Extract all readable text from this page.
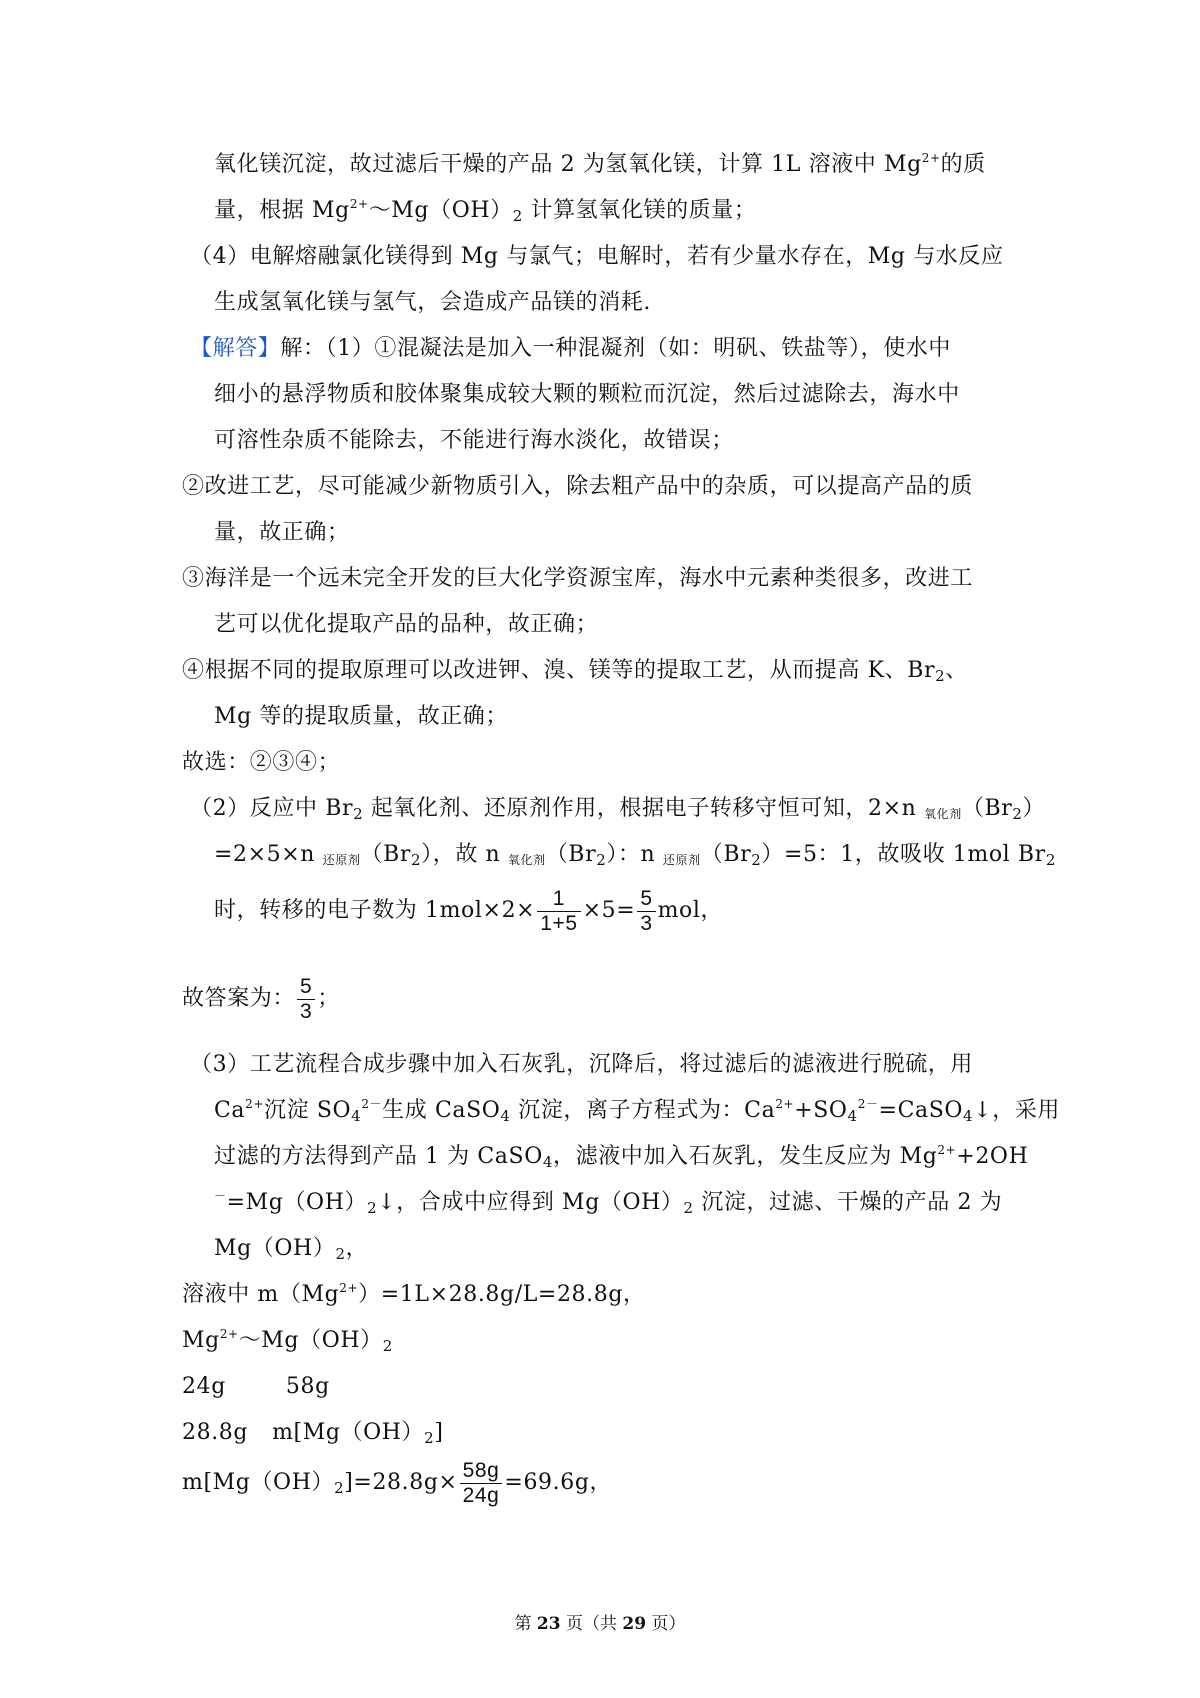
氧化镁沉淀，故过滤后干燥的产品 2 为氢氧化镁，计算 1L 溶液中 $Mg^{2+}$的质
量，根据 $Mg^{2+}\sim Mg(OH)_2$ 计算氢氧化镁的质量；
（4）电解熔融氯化镁得到 Mg 与氯气；电解时，若有少量水存在，Mg 与水反应
生成氢氧化镁与氢气，会造成产品镁的消耗.
【解答】解：（1）①混凝法是加入一种混凝剂（如：明矾、铁盐等），使水中
细小的悬浮物质和胶体聚集成较大颗的颗粒而沉淀，然后过滤除去，海水中
可溶性杂质不能除去，不能进行海水淡化，故错误；
②改进工艺，尽可能减少新物质引入，除去粗产品中的杂质，可以提高产品的质
量，故正确；
③海洋是一个远未完全开发的巨大化学资源宝库，海水中元素种类很多，改进工
艺可以优化提取产品的品种，故正确；
④根据不同的提取原理可以改进钾、溴、镁等的提取工艺，从而提高 K、$Br_2$、
Mg 等的提取质量，故正确；
故选：②③④；
（2）反应中 $Br_2$ 起氧化剂、还原剂作用，根据电子转移守恒可知，2×n $_{氧化剂}(Br_2)$
=2×5×n $_{还原剂}(Br_2)$，故 n $_{氧化剂}(Br_2)$：n $_{还原剂}(Br_2)=5$：1，故吸收 1mol $Br_2$
时，转移的电子数为 $1mol\times 2\times \frac{1}{1+5} \times 5= \frac{5}{3}$ mol，
故答案为： $\frac{5}{3}$ ；
（3）工艺流程合成步骤中加入石灰乳，沉降后，将过滤后的滤液进行脱硫，用
$Ca^{2+}$沉淀 $SO_4^{2-}$生成 CaSO$_4$ 沉淀，离子方程式为：$Ca^{2+}+SO_4^{2-}=CaSO_4↓$，采用
过滤的方法得到产品 1 为 CaSO$_4$，滤液中加入石灰乳，发生反应为 $Mg^{2+}+2OH$
$^-=Mg(OH)_2↓$，合成中应得到 $Mg(OH)_2$ 沉淀，过滤、干燥的产品 2 为
$Mg(OH)_2$，
溶液中 $m(Mg^{2+})=1L\times 28.8g/L=28.8g$，
$Mg^{2+}\sim Mg(OH)_2$
24g	58g
28.8g $m[Mg(OH)_2]$
$m[Mg(OH)_2]=28.8g\times \frac{58g}{24g} =69.6g$，
第 23 页（共 29 页）
